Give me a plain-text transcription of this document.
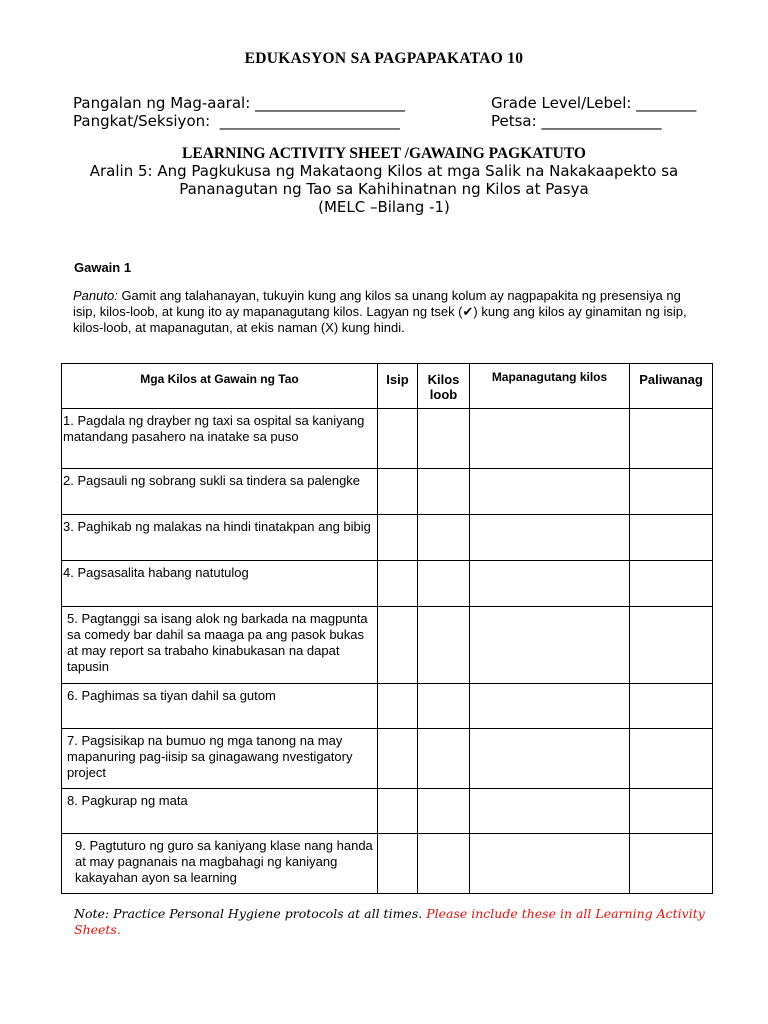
EDUKASYON SA PAGPAPAKATAO 10
Pangalan ng Mag-aaral: ____________________	Grade Level/Lebel: ________
Pangkat/Seksiyon:  ________________________	Petsa: ________________
LEARNING ACTIVITY SHEET /GAWAING PAGKATUTO
Aralin 5: Ang Pagkukusa ng Makataong Kilos at mga Salik na Nakakaapekto sa
Pananagutan ng Tao sa Kahihinatnan ng Kilos at Pasya
(MELC –Bilang -1)
Gawain 1
Panuto: Gamit ang talahanayan, tukuyin kung ang kilos sa unang kolum ay nagpapakita ng presensiya ng isip, kilos-loob, at kung ito ay mapanagutang kilos. Lagyan ng tsek (✔) kung ang kilos ay ginamitan ng isip, kilos-loob, at mapanagutan, at ekis naman (X) kung hindi.
Mga Kilos at Gawain ng Tao	Isip	Kilos loob	Mapanagutang kilos	Paliwanag

1. Pagdala ng drayber ng taxi sa ospital sa kaniyang matandang pasahero na inatake sa puso				

2. Pagsauli ng sobrang sukli sa tindera sa palengke				

3. Paghikab ng malakas na hindi tinatakpan ang bibig				

4. Pagsasalita habang natutulog				

5. Pagtanggi sa isang alok ng barkada na magpunta sa comedy bar dahil sa maaga pa ang pasok bukas at may report sa trabaho kinabukasan na dapat tapusin				

6. Paghimas sa tiyan dahil sa gutom				

7. Pagsisikap na bumuo ng mga tanong na may mapanuring pag-iisip sa ginagawang nvestigatory project				

8. Pagkurap ng mata				

9. Pagtuturo ng guro sa kaniyang klase nang handa at may pagnanais na magbahagi ng kaniyang kakayahan ayon sa learning				

Note: Practice Personal Hygiene protocols at all times. Please include these in all Learning Activity Sheets.
